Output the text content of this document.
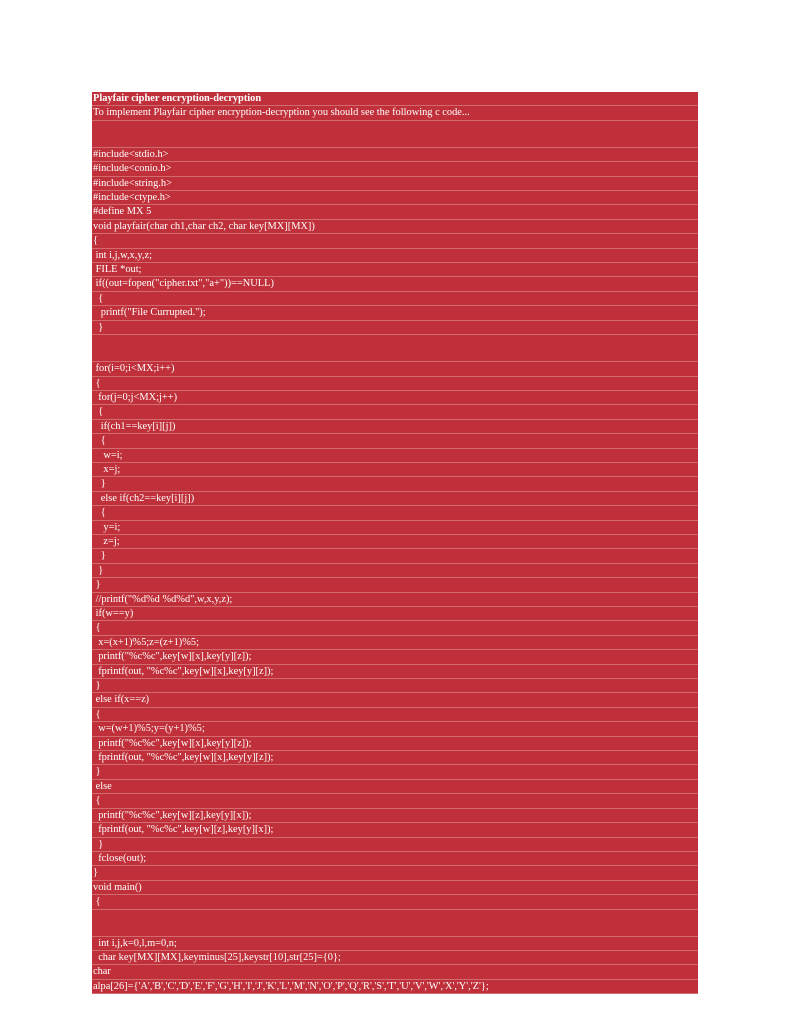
Playfair cipher encryption-decryption
To implement Playfair cipher encryption-decryption you should see the following c code...
#include<stdio.h>
#include<conio.h>
#include<string.h>
#include<ctype.h>
#define MX 5
void playfair(char ch1,char ch2, char key[MX][MX])
{
int i,j,w,x,y,z;
FILE *out;
if((out=fopen("cipher.txt","a+"))==NULL)
{
printf("File Currupted.");
}
for(i=0;i<MX;i++)
{
for(j=0;j<MX;j++)
{
if(ch1==key[i][j])
{
w=i;
x=j;
}
else if(ch2==key[i][j])
{
y=i;
z=j;
}
}
}
//printf("%d%d %d%d",w,x,y,z);
if(w==y)
{
x=(x+1)%5;z=(z+1)%5;
printf("%c%c",key[w][x],key[y][z]);
fprintf(out, "%c%c",key[w][x],key[y][z]);
}
else if(x==z)
{
w=(w+1)%5;y=(y+1)%5;
printf("%c%c",key[w][x],key[y][z]);
fprintf(out, "%c%c",key[w][x],key[y][z]);
}
else
{
printf("%c%c",key[w][z],key[y][x]);
fprintf(out, "%c%c",key[w][z],key[y][x]);
}
fclose(out);
}
void main()
{
int i,j,k=0,l,m=0,n;
char key[MX][MX],keyminus[25],keystr[10],str[25]={0};
char
alpa[26]={'A','B','C','D','E','F','G','H','I','J','K','L','M','N','O','P','Q','R','S','T','U','V','W','X','Y','Z'};
